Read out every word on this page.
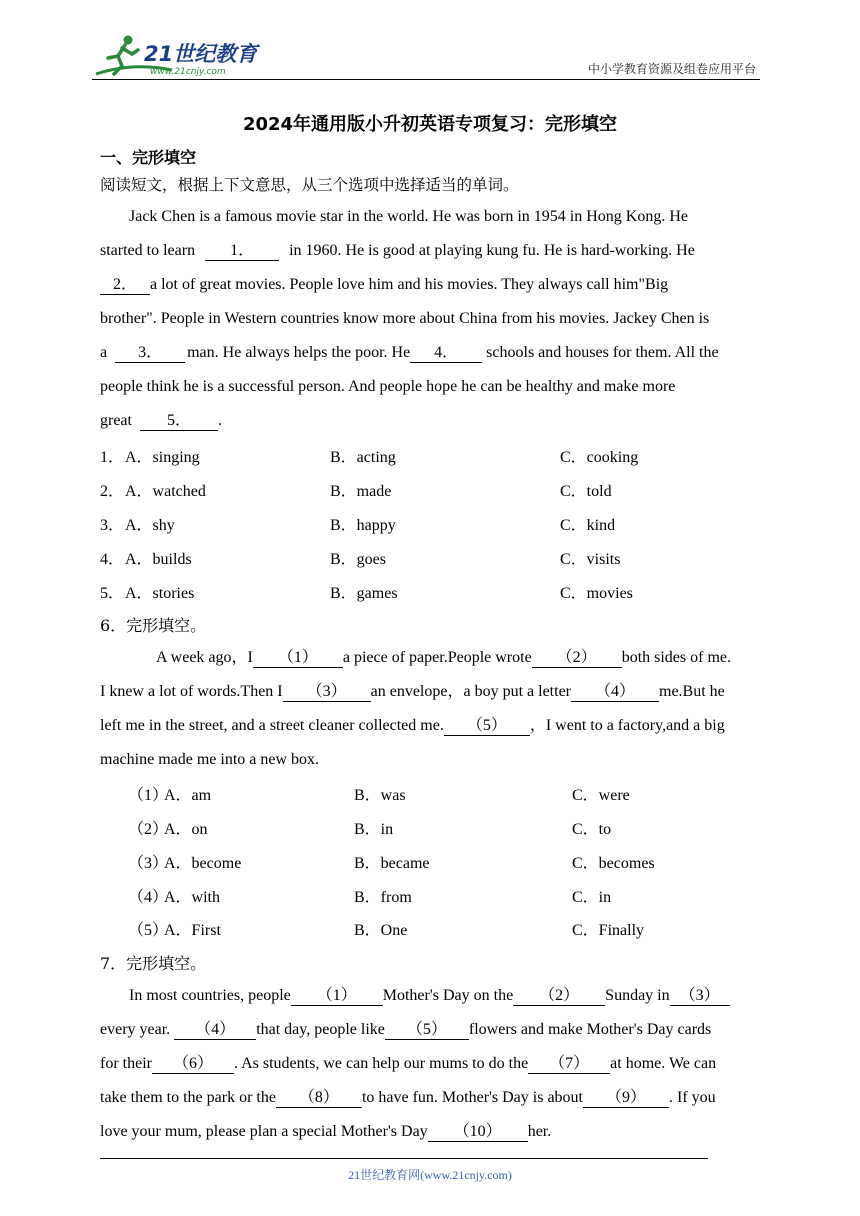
21世纪教育
www.21cnjy.com	中小学教育资源及组卷应用平台
2024年通用版小升初英语专项复习：完形填空
一、完形填空
阅读短文，根据上下文意思，从三个选项中选择适当的单词。
Jack Chen is a famous movie star in the world. He was born in 1954 in Hong Kong. He
started to learn 1． in 1960. He is good at playing kung fu. He is hard-working. He
2． a lot of great movies. People love him and his movies. They always call him"Big
brother". People in Western countries know more about China from his movies. Jackey Chen is
a 3． man. He always helps the poor. He 4． schools and houses for them. All the
people think he is a successful person. And people hope he can be healthy and make more
great 5． .
1． A．singing	B．acting	C．cooking
2． A．watched	B．made	C．told
3． A．shy	B．happy	C．kind
4． A．builds	B．goes	C．visits
5． A．stories	B．games	C．movies
6．完形填空。
A week ago，I （1） a piece of paper.People wrote （2） both sides of me.
I knew a lot of words.Then I （3） an envelope，a boy put a letter （4） me.But he
left me in the street, and a street cleaner collected me. （5） ，I went to a factory,and a big
machine made me into a new box.
（1）
A．am	B．was	C．were
（2）
A．on	B．in	C．to
（3）
A．become	B．became	C．becomes
（4）
A．with	B．from	C．in
（5）
A．First	B．One	C．Finally
7．完形填空。
In most countries, people （1） Mother's Day on the （2） Sunday in （3）
every year. （4） that day, people like （5） flowers and make Mother's Day cards
for their （6） . As students, we can help our mums to do the （7） at home. We can
take them to the park or the （8） to have fun. Mother's Day is about （9） . If you
love your mum, please plan a special Mother's Day （10） her.
21世纪教育网(www.21cnjy.com)
